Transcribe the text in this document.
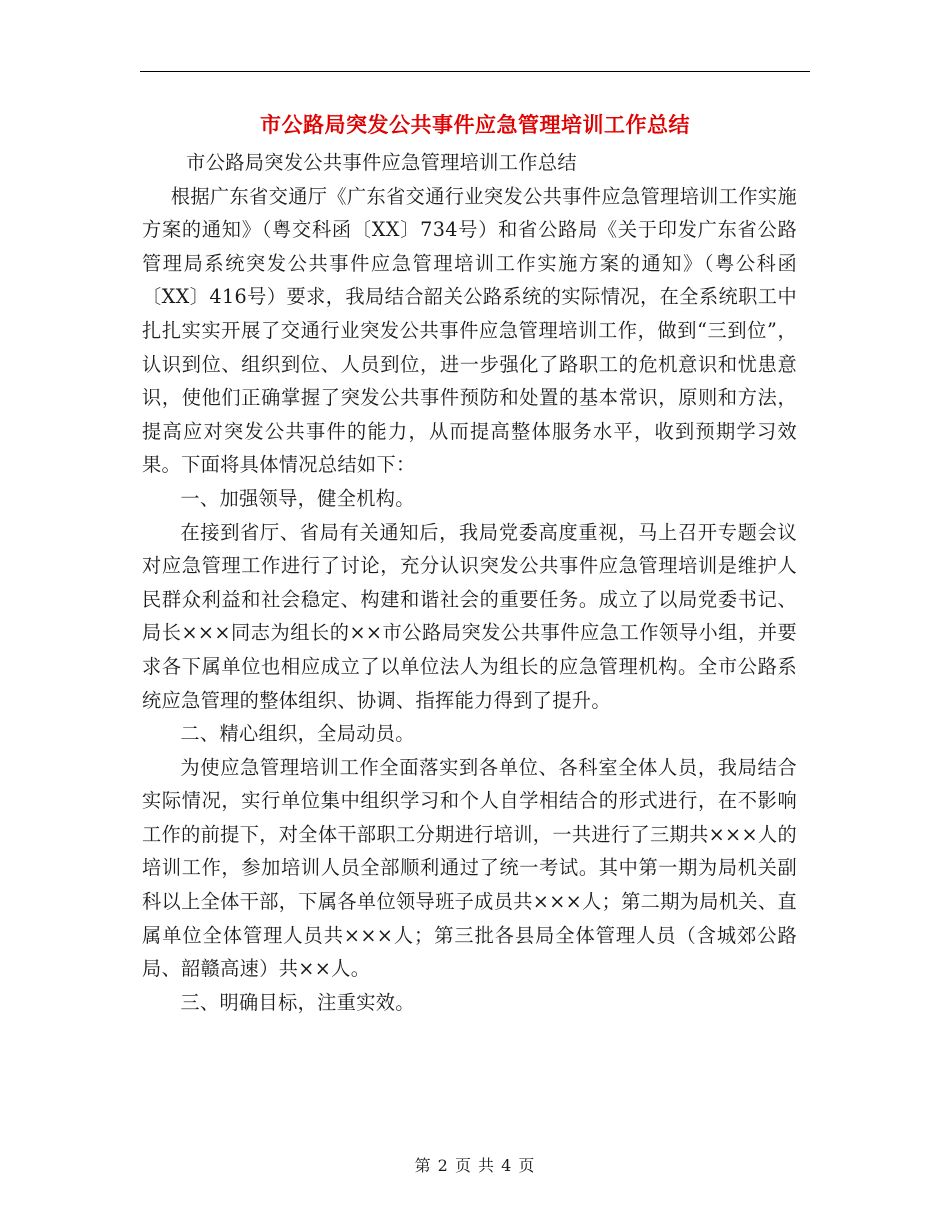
市公路局突发公共事件应急管理培训工作总结

市公路局突发公共事件应急管理培训工作总结

根据广东省交通厅《广东省交通行业突发公共事件应急管理培训工作实施方案的通知》（粤交科函〔XX〕734号）和省公路局《关于印发广东省公路管理局系统突发公共事件应急管理培训工作实施方案的通知》（粤公科函〔XX〕416号）要求，我局结合韶关公路系统的实际情况，在全系统职工中扎扎实实开展了交通行业突发公共事件应急管理培训工作，做到“三到位”，认识到位、组织到位、人员到位，进一步强化了路职工的危机意识和忧患意识，使他们正确掌握了突发公共事件预防和处置的基本常识，原则和方法，提高应对突发公共事件的能力，从而提高整体服务水平，收到预期学习效果。下面将具体情况总结如下：

一、加强领导，健全机构。

在接到省厅、省局有关通知后，我局党委高度重视，马上召开专题会议对应急管理工作进行了讨论，充分认识突发公共事件应急管理培训是维护人民群众利益和社会稳定、构建和谐社会的重要任务。成立了以局党委书记、局长×××同志为组长的××市公路局突发公共事件应急工作领导小组，并要求各下属单位也相应成立了以单位法人为组长的应急管理机构。全市公路系统应急管理的整体组织、协调、指挥能力得到了提升。

二、精心组织，全局动员。

为使应急管理培训工作全面落实到各单位、各科室全体人员，我局结合实际情况，实行单位集中组织学习和个人自学相结合的形式进行，在不影响工作的前提下，对全体干部职工分期进行培训，一共进行了三期共×××人的培训工作，参加培训人员全部顺利通过了统一考试。其中第一期为局机关副科以上全体干部，下属各单位领导班子成员共×××人；第二期为局机关、直属单位全体管理人员共×××人；第三批各县局全体管理人员（含城郊公路局、韶赣高速）共××人。

三、明确目标，注重实效。

第 2 页 共 4 页
